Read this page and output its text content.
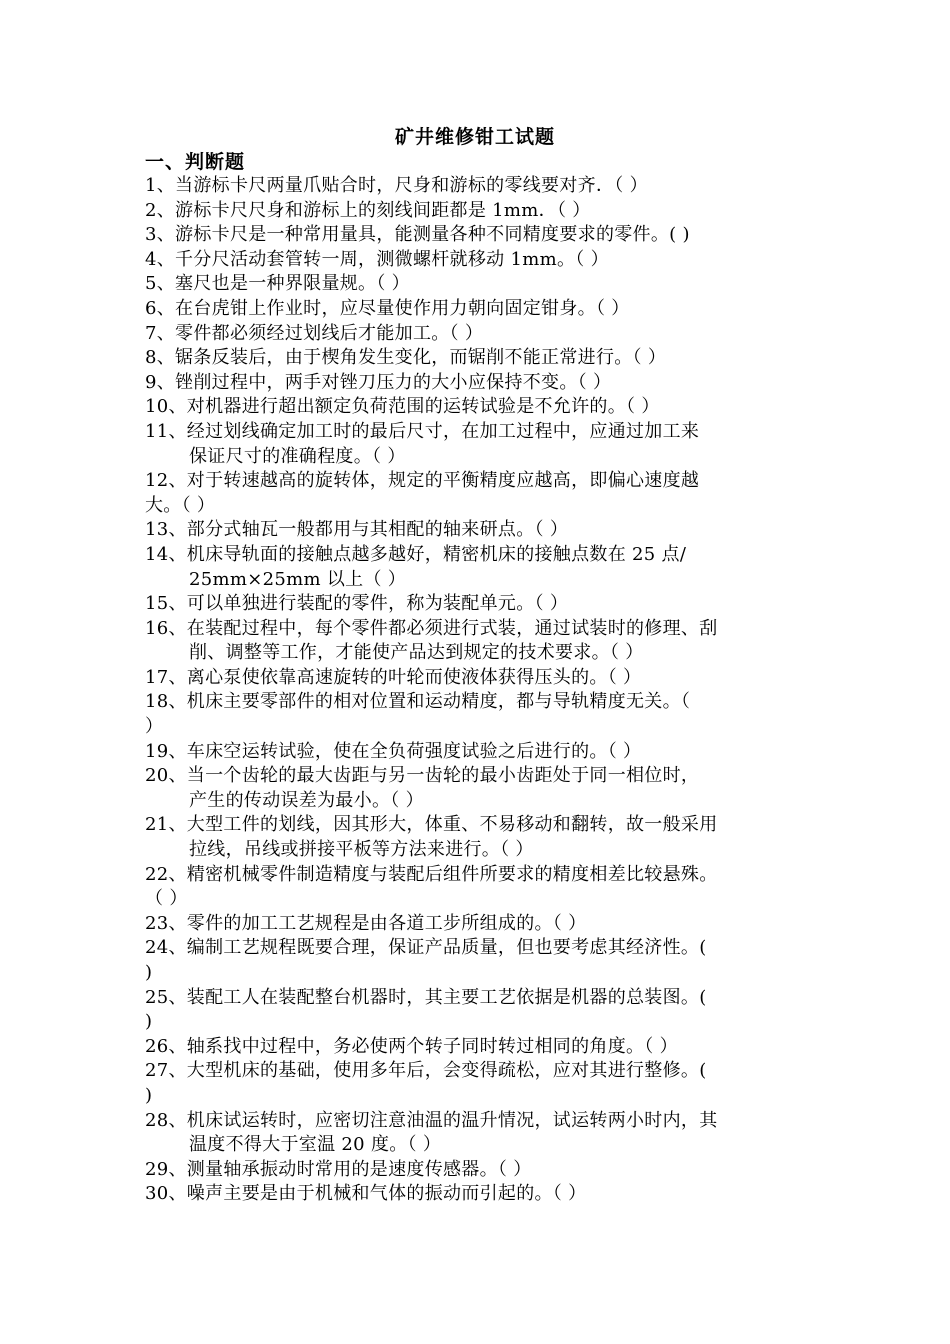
矿井维修钳工试题
一、判断题
1、当游标卡尺两量爪贴合时，尺身和游标的零线要对齐．（ ）
2、游标卡尺尺身和游标上的刻线间距都是 1mm．（ ）
3、游标卡尺是一种常用量具，能测量各种不同精度要求的零件。( )
4、千分尺活动套管转一周，测微螺杆就移动 1mm。（ ）
5、塞尺也是一种界限量规。（ ）
6、在台虎钳上作业时，应尽量使作用力朝向固定钳身。（ ）
7、零件都必须经过划线后才能加工。（ ）
8、锯条反装后，由于楔角发生变化，而锯削不能正常进行。（ ）
9、锉削过程中，两手对锉刀压力的大小应保持不变。（ ）
10、对机器进行超出额定负荷范围的运转试验是不允许的。（ ）
11、经过划线确定加工时的最后尺寸，在加工过程中，应通过加工来
保证尺寸的准确程度。（ ）
12、对于转速越高的旋转体，规定的平衡精度应越高，即偏心速度越
大。（ ）
13、部分式轴瓦一般都用与其相配的轴来研点。（ ）
14、机床导轨面的接触点越多越好，精密机床的接触点数在 25 点/
25mm×25mm 以上（ ）
15、可以单独进行装配的零件，称为装配单元。（ ）
16、在装配过程中，每个零件都必须进行式装，通过试装时的修理、刮
削、调整等工作，才能使产品达到规定的技术要求。（ ）
17、离心泵使依靠高速旋转的叶轮而使液体获得压头的。（ ）
18、机床主要零部件的相对位置和运动精度，都与导轨精度无关。（
）
19、车床空运转试验，使在全负荷强度试验之后进行的。（ ）
20、当一个齿轮的最大齿距与另一齿轮的最小齿距处于同一相位时，
产生的传动误差为最小。（ ）
21、大型工件的划线，因其形大，体重、不易移动和翻转，故一般采用
拉线，吊线或拼接平板等方法来进行。（ ）
22、精密机械零件制造精度与装配后组件所要求的精度相差比较悬殊。
（ ）
23、零件的加工工艺规程是由各道工步所组成的。（ ）
24、编制工艺规程既要合理，保证产品质量，但也要考虑其经济性。(
)
25、装配工人在装配整台机器时，其主要工艺依据是机器的总装图。(
)
26、轴系找中过程中，务必使两个转子同时转过相同的角度。（ ）
27、大型机床的基础，使用多年后，会变得疏松，应对其进行整修。(
)
28、机床试运转时，应密切注意油温的温升情况，试运转两小时内，其
温度不得大于室温 20 度。（ ）
29、测量轴承振动时常用的是速度传感器。（ ）
30、噪声主要是由于机械和气体的振动而引起的。（ ）
